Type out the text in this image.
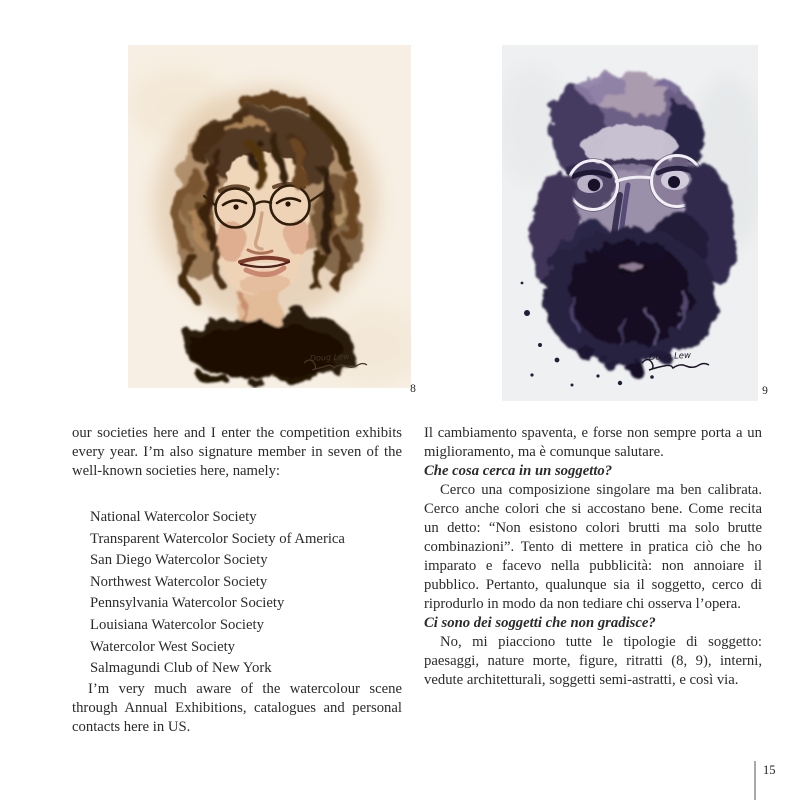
Doug Lew
8
Doug Lew
9

our societies here and I enter the competition exhibits every year. I’m also signature member in seven of the well-known societies here, namely:

National Watercolor Society
Transparent Watercolor Society of America
San Diego Watercolor Society
Northwest Watercolor Society
Pennsylvania Watercolor Society
Louisiana Watercolor Society
Watercolor West Society
Salmagundi Club of New York

I’m very much aware of the watercolour scene through Annual Exhibitions, catalogues and personal contacts here in US.

Il cambiamento spaventa, e forse non sempre porta a un miglioramento, ma è comunque salutare.

Che cosa cerca in un soggetto?

Cerco una composizione singolare ma ben calibrata. Cerco anche colori che si accostano bene. Come recita un detto: “Non esistono colori brutti ma solo brutte combinazioni”. Tento di mettere in pratica ciò che ho imparato e facevo nella pubblicità: non annoiare il pubblico. Pertanto, qualunque sia il soggetto, cerco di riprodurlo in modo da non tediare chi osserva l’opera.

Ci sono dei soggetti che non gradisce?

No, mi piacciono tutte le tipologie di soggetto: paesaggi, nature morte, figure, ritratti (8, 9), interni, vedute architetturali, soggetti semi-astratti, e così via.

15
